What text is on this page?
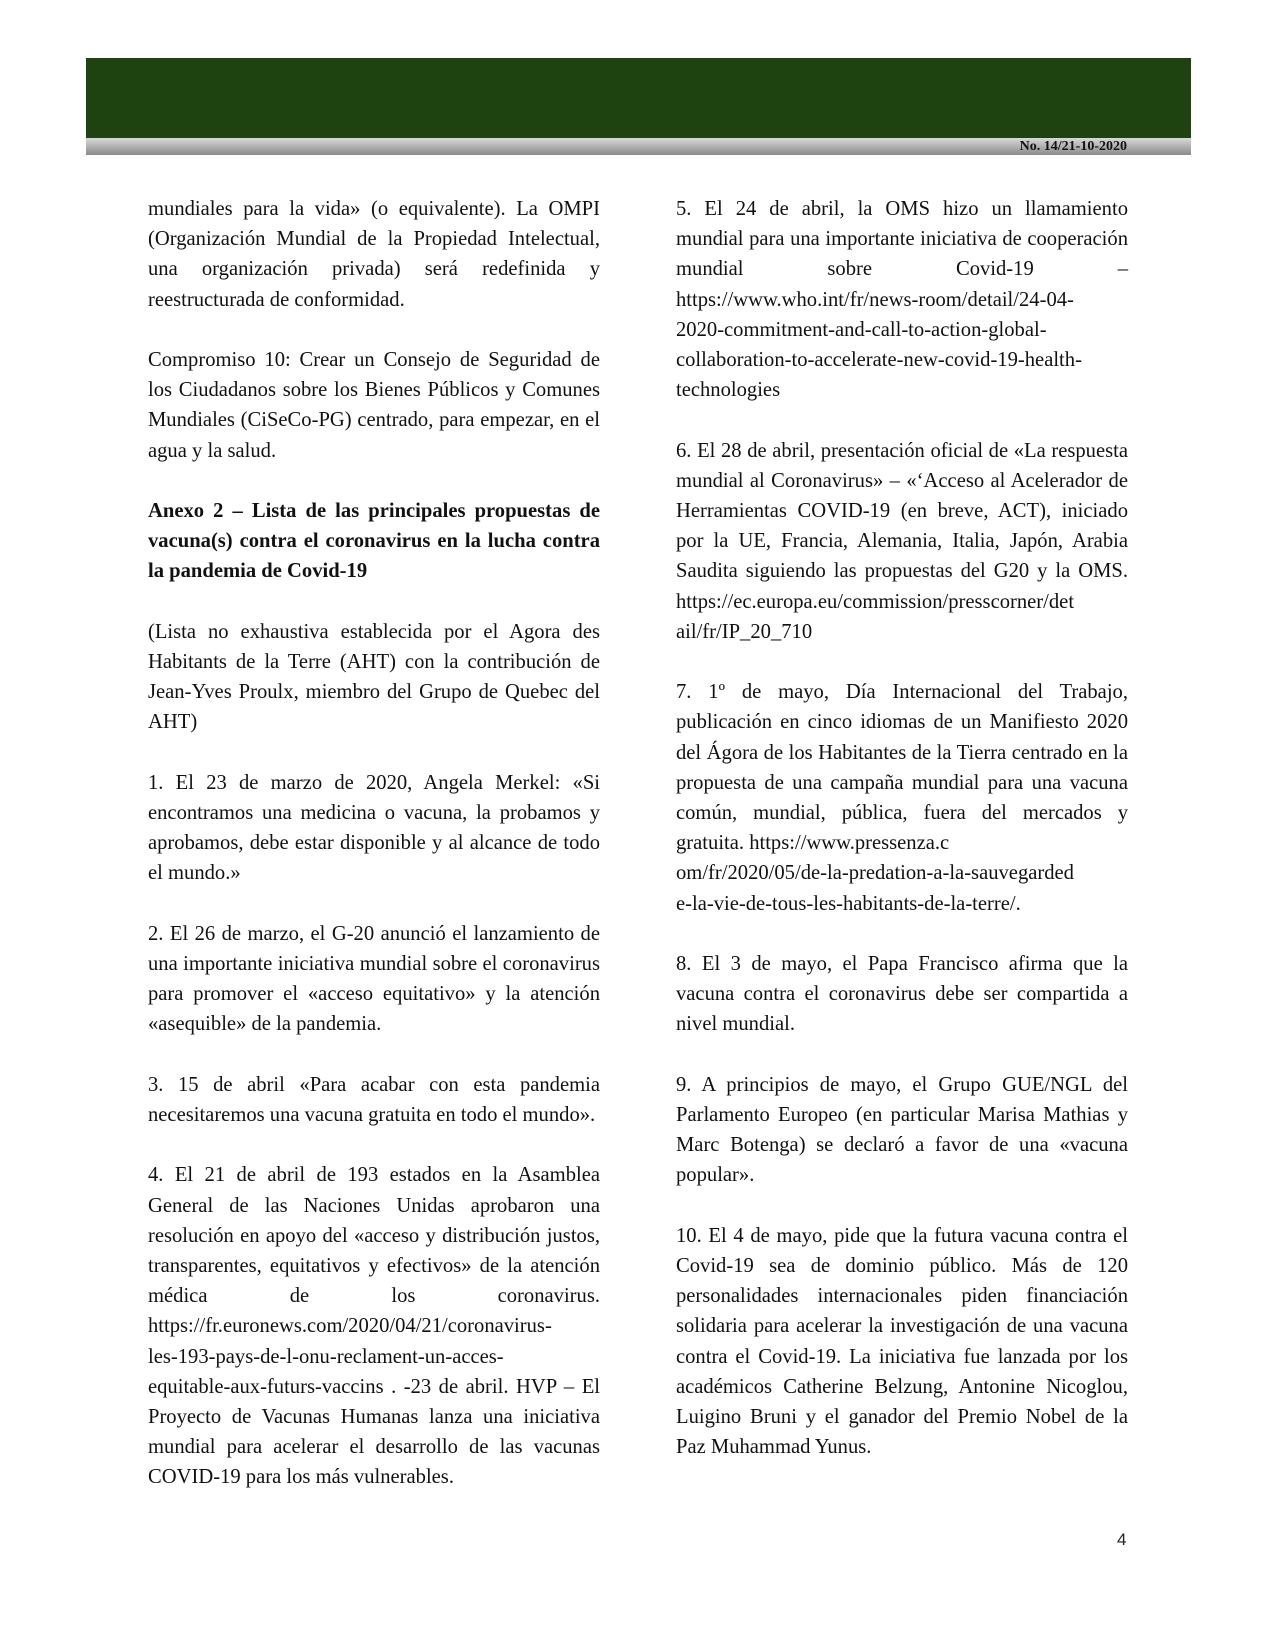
No. 14/21-10-2020

mundiales para la vida» (o equivalente). La OMPI (Organización Mundial de la Propiedad Intelectual, una organización privada) será redefinida y reestructurada de conformidad.

Compromiso 10: Crear un Consejo de Seguridad de los Ciudadanos sobre los Bienes Públicos y Comunes Mundiales (CiSeCo-PG) centrado, para empezar, en el agua y la salud.

Anexo 2 – Lista de las principales propuestas de vacuna(s) contra el coronavirus en la lucha contra la pandemia de Covid-19

(Lista no exhaustiva establecida por el Agora des Habitants de la Terre (AHT) con la contribución de Jean-Yves Proulx, miembro del Grupo de Quebec del AHT)

1. El 23 de marzo de 2020, Angela Merkel: «Si encontramos una medicina o vacuna, la probamos y aprobamos, debe estar disponible y al alcance de todo el mundo.»

2. El 26 de marzo, el G-20 anunció el lanzamiento de una importante iniciativa mundial sobre el coronavirus para promover el «acceso equitativo» y la atención «asequible» de la pandemia.

3. 15 de abril «Para acabar con esta pandemia necesitaremos una vacuna gratuita en todo el mundo».

4. El 21 de abril de 193 estados en la Asamblea General de las Naciones Unidas aprobaron una resolución en apoyo del «acceso y distribución justos, transparentes, equitativos y efectivos» de la atención médica de los coronavirus. https://fr.euronews.com/2020/04/21/coronavirus-
les-193-pays-de-l-onu-reclament-un-acces-
equitable-aux-futurs-vaccins . -23 de abril. HVP – El Proyecto de Vacunas Humanas lanza una iniciativa mundial para acelerar el desarrollo de las vacunas COVID-19 para los más vulnerables.

5. El 24 de abril, la OMS hizo un llamamiento mundial para una importante iniciativa de cooperación mundial sobre Covid-19 – https://www.who.int/fr/news-room/detail/24-04-
2020-commitment-and-call-to-action-global-
collaboration-to-accelerate-new-covid-19-health-
technologies

6. El 28 de abril, presentación oficial de «La respuesta mundial al Coronavirus» – «‘Acceso al Acelerador de Herramientas COVID-19 (en breve, ACT), iniciado por la UE, Francia, Alemania, Italia, Japón, Arabia Saudita siguiendo las propuestas del G20 y la OMS. https://ec.europa.eu/commission/presscorner/det
ail/fr/IP_20_710

7. 1º de mayo, Día Internacional del Trabajo, publicación en cinco idiomas de un Manifiesto 2020 del Ágora de los Habitantes de la Tierra centrado en la propuesta de una campaña mundial para una vacuna común, mundial, pública, fuera del mercados y gratuita. https://www.pressenza.c
om/fr/2020/05/de-la-predation-a-la-sauvegarded
e-la-vie-de-tous-les-habitants-de-la-terre/.

8. El 3 de mayo, el Papa Francisco afirma que la vacuna contra el coronavirus debe ser compartida a nivel mundial.

9. A principios de mayo, el Grupo GUE/NGL del Parlamento Europeo (en particular Marisa Mathias y Marc Botenga) se declaró a favor de una «vacuna popular».

10. El 4 de mayo, pide que la futura vacuna contra el Covid-19 sea de dominio público. Más de 120 personalidades internacionales piden financiación solidaria para acelerar la investigación de una vacuna contra el Covid-19. La iniciativa fue lanzada por los académicos Catherine Belzung, Antonine Nicoglou, Luigino Bruni y el ganador del Premio Nobel de la Paz Muhammad Yunus.

4
